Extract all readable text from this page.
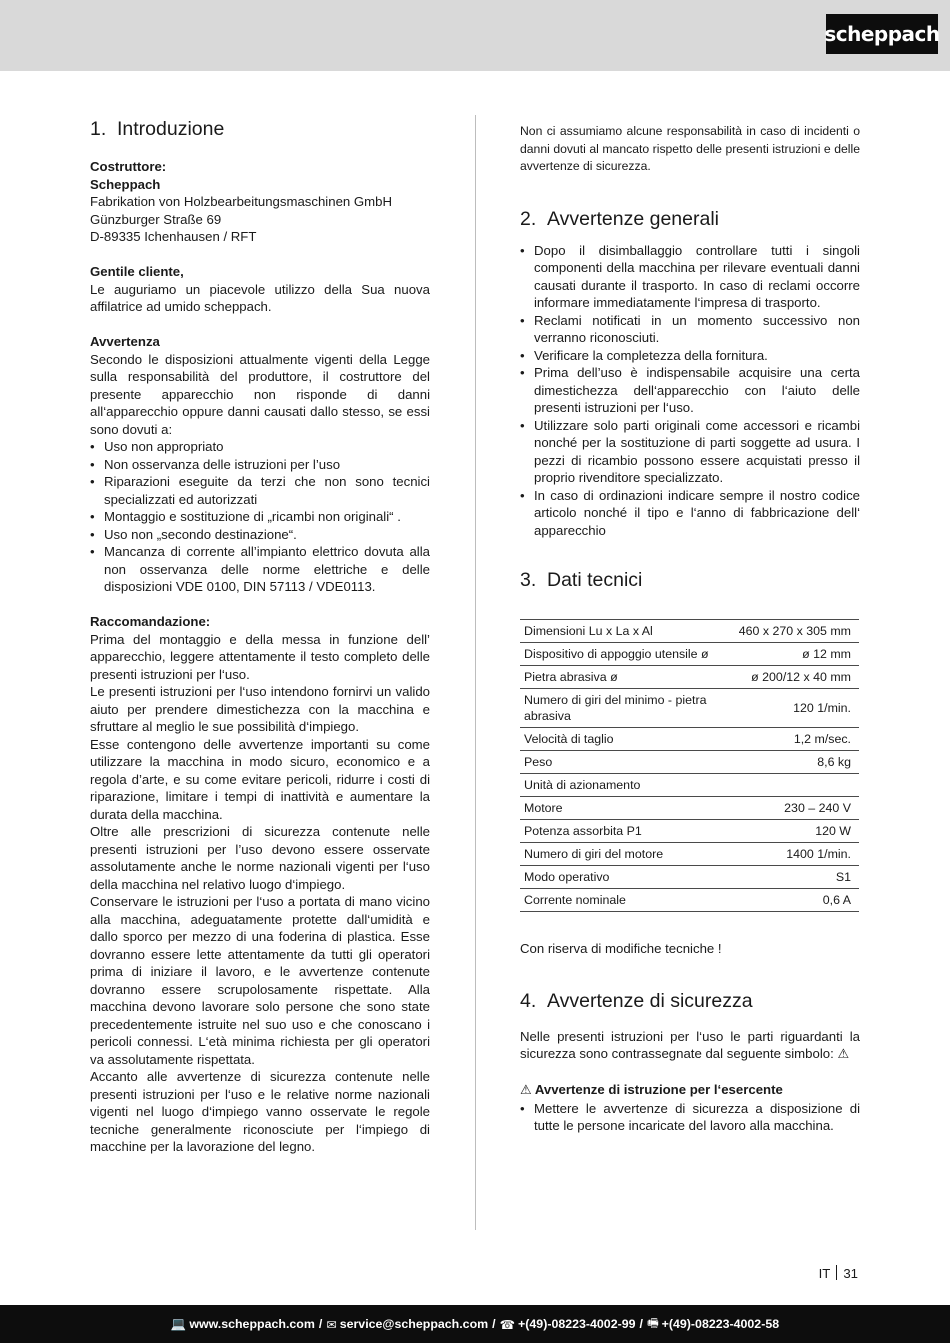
scheppach
1. Introduzione

Costruttore:

Scheppach

Fabrikation von Holzbearbeitungsmaschinen GmbH

Günzburger Straße 69

D-89335 Ichenhausen / RFT

Gentile cliente,

Le auguriamo un piacevole utilizzo della Sua nuova affilatrice ad umido scheppach.

Avvertenza

Secondo le disposizioni attualmente vigenti della Legge sulla responsabilità del produttore, il costruttore del presente apparecchio non risponde di danni all‘apparecchio oppure danni causati dallo stesso, se essi sono dovuti a:

• Uso non appropriato
• Non osservanza delle istruzioni per l’uso
• Riparazioni eseguite da terzi che non sono tecnici specializzati ed autorizzati
• Montaggio e sostituzione di „ricambi non originali“ .
• Uso non „secondo destinazione“.
• Mancanza di corrente all’impianto elettrico dovuta alla non osservanza delle norme elettriche e delle disposizioni VDE 0100, DIN 57113 / VDE0113.

Raccomandazione:

Prima del montaggio e della messa in funzione dell’ apparecchio, leggere attentamente il testo completo delle presenti istruzioni per l‘uso.

Le presenti istruzioni per l‘uso intendono fornirvi un valido aiuto per prendere dimestichezza con la macchina e sfruttare al meglio le sue possibilità d‘impiego.

Esse contengono delle avvertenze importanti su come utilizzare la macchina in modo sicuro, economico e a regola d’arte, e su come evitare pericoli, ridurre i costi di riparazione, limitare i tempi di inattività e aumentare la durata della macchina.

Oltre alle prescrizioni di sicurezza contenute nelle presenti istruzioni per l’uso devono essere osservate assolutamente anche le norme nazionali vigenti per l‘uso della macchina nel relativo luogo d‘impiego.

Conservare le istruzioni per l‘uso a portata di mano vicino alla macchina, adeguatamente protette dall‘umidità e dallo sporco per mezzo di una foderina di plastica. Esse dovranno essere lette attentamente da tutti gli operatori prima di iniziare il lavoro, e le avvertenze contenute dovranno essere scrupolosamente rispettate. Alla macchina devono lavorare solo persone che sono state precedentemente istruite nel suo uso e che conoscano i pericoli connessi. L‘età minima richiesta per gli operatori va assolutamente rispettata.

Accanto alle avvertenze di sicurezza contenute nelle presenti istruzioni per l‘uso e le relative norme nazionali vigenti nel luogo d‘impiego vanno osservate le regole tecniche generalmente riconosciute per l‘impiego di macchine per la lavorazione del legno.

Non ci assumiamo alcune responsabilità in caso di incidenti o danni dovuti al mancato rispetto delle presenti istruzioni e delle avvertenze di sicurezza.

2. Avvertenze generali
• Dopo il disimballaggio controllare tutti i singoli componenti della macchina per rilevare eventuali danni causati durante il trasporto. In caso di reclami occorre informare immediatamente l‘impresa di trasporto.
• Reclami notificati in un momento successivo non verranno riconosciuti.
• Verificare la completezza della fornitura.
• Prima dell’uso è indispensabile acquisire una certa dimestichezza dell‘apparecchio con l‘aiuto delle presenti istruzioni per l‘uso.
• Utilizzare solo parti originali come accessori e ricambi nonché per la sostituzione di parti soggette ad usura. I pezzi di ricambio possono essere acquistati presso il proprio rivenditore specializzato.
• In caso di ordinazioni indicare sempre il nostro codice articolo nonché il tipo e l‘anno di fabbricazione dell‘ apparecchio
3. Dati tecnici
Dimensioni Lu x La x Al	460 x 270 x 305 mm
Dispositivo di appoggio utensile ø	ø 12 mm
Pietra abrasiva ø	ø 200/12 x 40 mm
Numero di giri del minimo - pietra abrasiva	120 1/min.
Velocità di taglio	1,2 m/sec.
Peso	8,6 kg
Unità di azionamento	
Motore	230 – 240 V
Potenza assorbita P1	120 W
Numero di giri del motore	1400 1/min.
Modo operativo	S1
Corrente nominale	0,6 A

Con riserva di modifiche tecniche !

4. Avvertenze di sicurezza

Nelle presenti istruzioni per l‘uso le parti riguardanti la sicurezza sono contrassegnate dal seguente simbolo: ⚠

⚠ Avvertenze di istruzione per l‘esercente

• Mettere le avvertenze di sicurezza a disposizione di tutte le persone incaricate del lavoro alla macchina.
IT 31
💻 www.scheppach.com / ✉ service@scheppach.com / ☎ +(49)-08223-4002-99 / 🖷 +(49)-08223-4002-58
